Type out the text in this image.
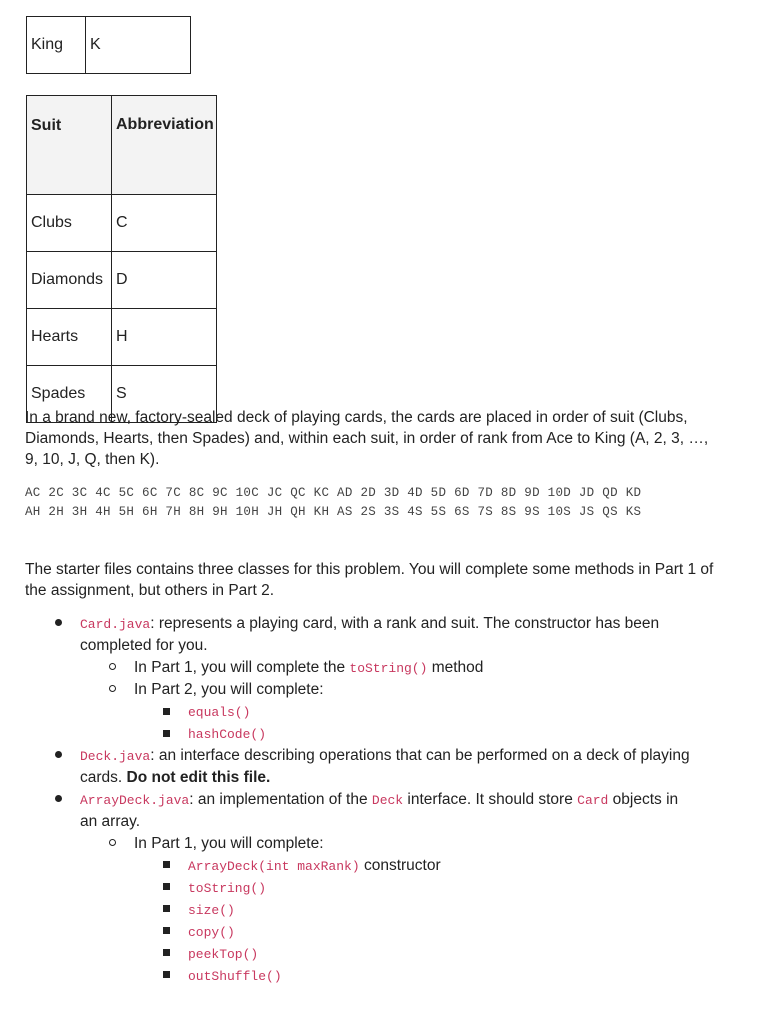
King	K
Suit	Abbreviation

Clubs	C
Diamonds	D
Hearts	H
Spades	S

In a brand new, factory-sealed deck of playing cards, the cards are placed in order of suit (Clubs,

Diamonds, Hearts, then Spades) and, within each suit, in order of rank from Ace to King (A, 2, 3, …,

9, 10, J, Q, then K).

AC 2C 3C 4C 5C 6C 7C 8C 9C 10C JC QC KC AD 2D 3D 4D 5D 6D 7D 8D 9D 10D JD QD KD
AH 2H 3H 4H 5H 6H 7H 8H 9H 10H JH QH KH AS 2S 3S 4S 5S 6S 7S 8S 9S 10S JS QS KS

The starter files contains three classes for this problem. You will complete some methods in Part 1 of

the assignment, but others in Part 2.

Card.java: represents a playing card, with a rank and suit. The constructor has been
completed for you.
In Part 1, you will complete the toString() method
In Part 2, you will complete:
equals()
hashCode()
Deck.java: an interface describing operations that can be performed on a deck of playing
cards. Do not edit this file.
ArrayDeck.java: an implementation of the Deck interface. It should store Card objects in
an array.
In Part 1, you will complete:
ArrayDeck(int maxRank) constructor
toString()
size()
copy()
peekTop()
outShuffle()
